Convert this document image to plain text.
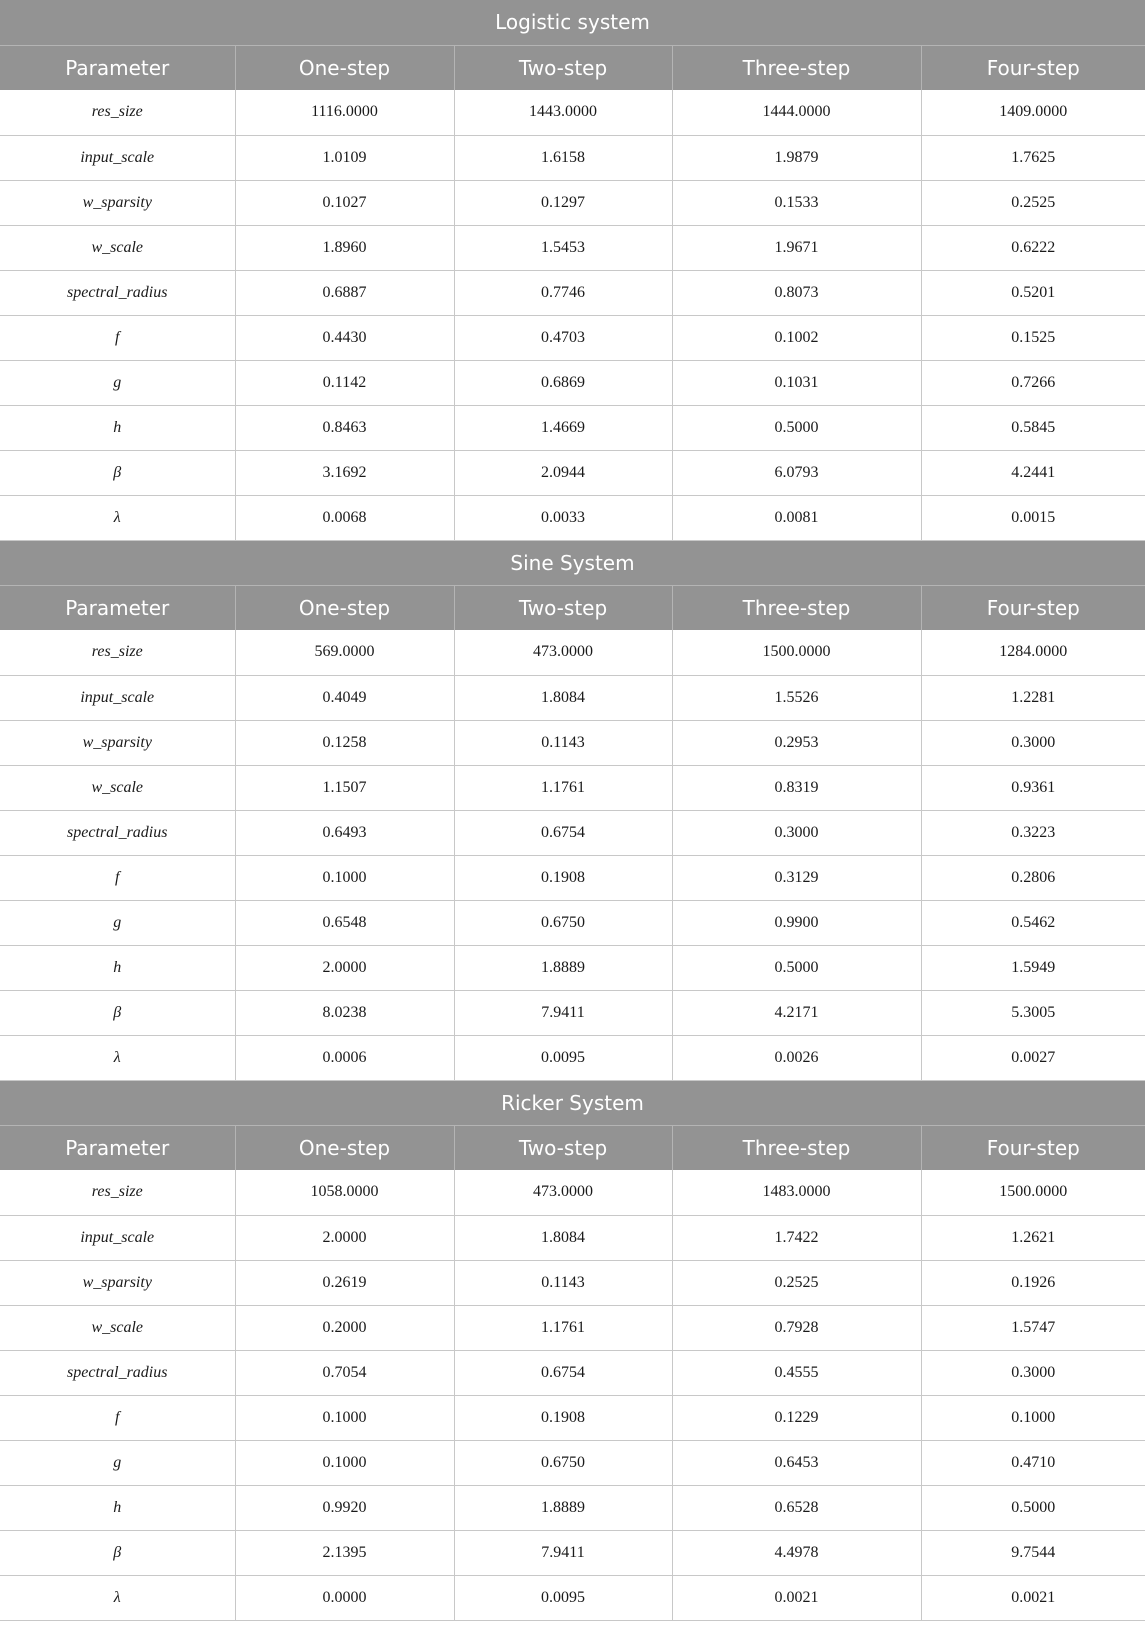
Logistic system				
Parameter	One-step	Two-step	Three-step	Four-step
res_size	1116.0000	1443.0000	1444.0000	1409.0000
input_scale	1.0109	1.6158	1.9879	1.7625
w_sparsity	0.1027	0.1297	0.1533	0.2525
w_scale	1.8960	1.5453	1.9671	0.6222
spectral_radius	0.6887	0.7746	0.8073	0.5201
f	0.4430	0.4703	0.1002	0.1525
g	0.1142	0.6869	0.1031	0.7266
h	0.8463	1.4669	0.5000	0.5845
β	3.1692	2.0944	6.0793	4.2441
λ	0.0068	0.0033	0.0081	0.0015
Sine System				
Parameter	One-step	Two-step	Three-step	Four-step
res_size	569.0000	473.0000	1500.0000	1284.0000
input_scale	0.4049	1.8084	1.5526	1.2281
w_sparsity	0.1258	0.1143	0.2953	0.3000
w_scale	1.1507	1.1761	0.8319	0.9361
spectral_radius	0.6493	0.6754	0.3000	0.3223
f	0.1000	0.1908	0.3129	0.2806
g	0.6548	0.6750	0.9900	0.5462
h	2.0000	1.8889	0.5000	1.5949
β	8.0238	7.9411	4.2171	5.3005
λ	0.0006	0.0095	0.0026	0.0027
Ricker System				
Parameter	One-step	Two-step	Three-step	Four-step
res_size	1058.0000	473.0000	1483.0000	1500.0000
input_scale	2.0000	1.8084	1.7422	1.2621
w_sparsity	0.2619	0.1143	0.2525	0.1926
w_scale	0.2000	1.1761	0.7928	1.5747
spectral_radius	0.7054	0.6754	0.4555	0.3000
f	0.1000	0.1908	0.1229	0.1000
g	0.1000	0.6750	0.6453	0.4710
h	0.9920	1.8889	0.6528	0.5000
β	2.1395	7.9411	4.4978	9.7544
λ	0.0000	0.0095	0.0021	0.0021
